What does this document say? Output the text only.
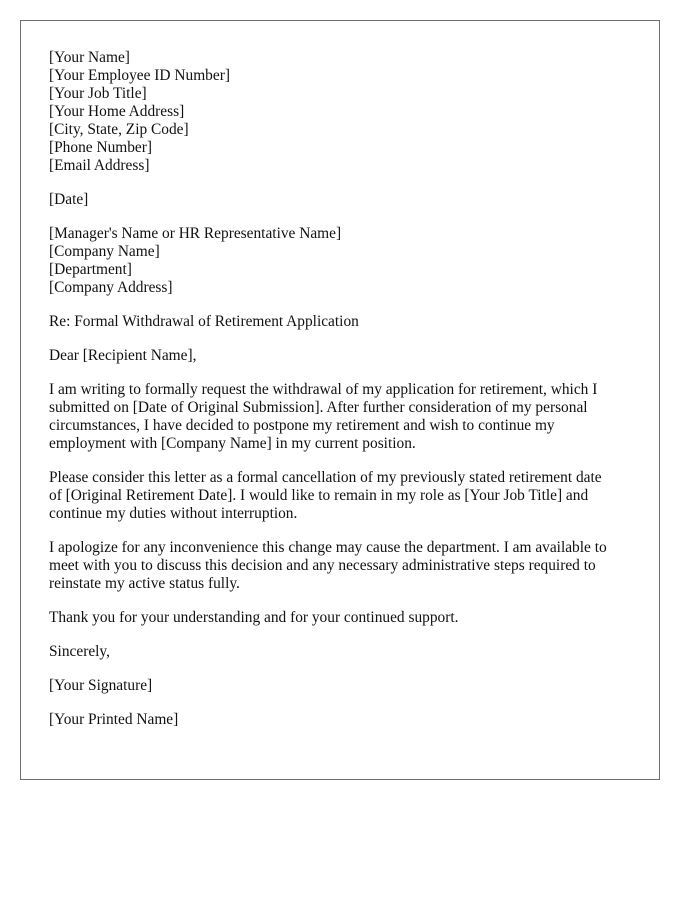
[Your Name]
[Your Employee ID Number]
[Your Job Title]
[Your Home Address]
[City, State, Zip Code]
[Phone Number]
[Email Address]
[Date]
[Manager's Name or HR Representative Name]
[Company Name]
[Department]
[Company Address]
Re: Formal Withdrawal of Retirement Application
Dear [Recipient Name],

I am writing to formally request the withdrawal of my application for retirement, which I
submitted on [Date of Original Submission]. After further consideration of my personal
circumstances, I have decided to postpone my retirement and wish to continue my
employment with [Company Name] in my current position.

Please consider this letter as a formal cancellation of my previously stated retirement date
of [Original Retirement Date]. I would like to remain in my role as [Your Job Title] and
continue my duties without interruption.

I apologize for any inconvenience this change may cause the department. I am available to
meet with you to discuss this decision and any necessary administrative steps required to
reinstate my active status fully.

Thank you for your understanding and for your continued support.

Sincerely,
[Your Signature]
[Your Printed Name]
